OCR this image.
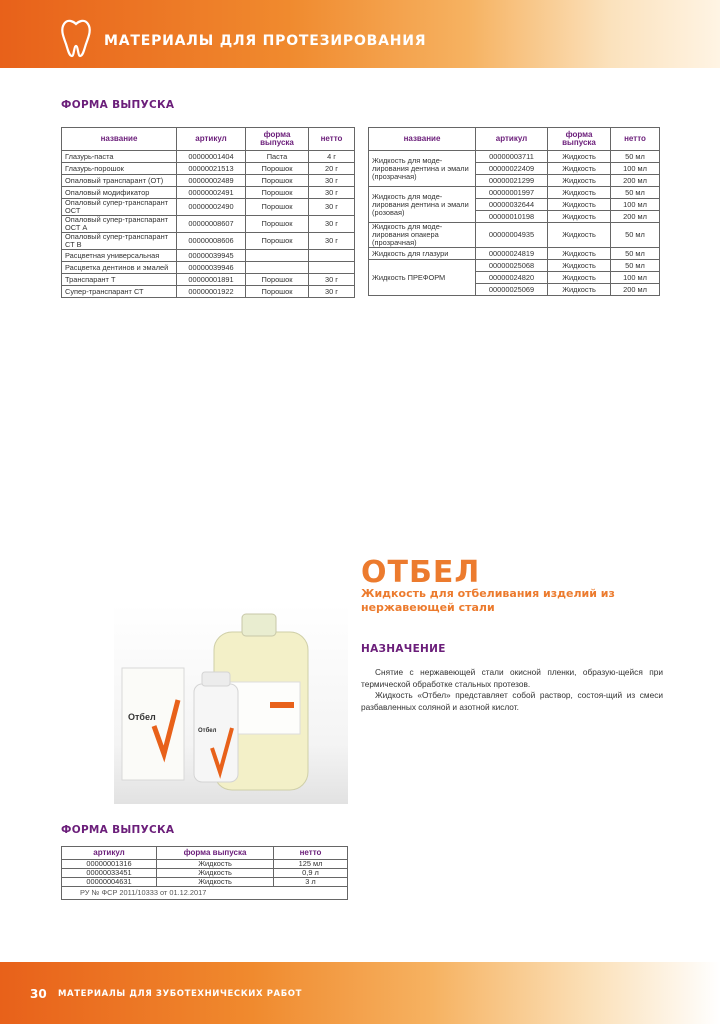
МАТЕРИАЛЫ ДЛЯ ПРОТЕЗИРОВАНИЯ
ФОРМА ВЫПУСКА
название	артикул	форма выпуска	нетто
Глазурь-паста	00000001404	Паста	4 г
Глазурь-порошок	00000021513	Порошок	20 г
Опаловый транспарант (ОТ)	00000002489	Порошок	30 г
Опаловый модификатор	00000002491	Порошок	30 г
Опаловый супер-транспарант ОСТ	00000002490	Порошок	30 г
Опаловый супер-транспарант ОСТ А	00000008607	Порошок	30 г
Опаловый супер-транспарант СТ В	00000008606	Порошок	30 г
Расцветная универсальная	00000039945		
Расцветка дентинов и эмалей	00000039946		
Транспарант Т	00000001891	Порошок	30 г
Супер-транспарант СТ	00000001922	Порошок	30 г
название	артикул	форма выпуска	нетто
Жидкость для моде-лирования дентина и эмали (прозрачная)	00000003711	Жидкость	50 мл
	00000022409	Жидкость	100 мл
	00000021299	Жидкость	200 мл
Жидкость для моде-лирования дентина и эмали (розовая)	00000001997	Жидкость	50 мл
	00000032644	Жидкость	100 мл
	00000010198	Жидкость	200 мл
Жидкость для моде-лирования опакера (прозрачная)	00000004935	Жидкость	50 мл
Жидкость для глазури	00000024819	Жидкость	50 мл
Жидкость ПРЕФОРМ	00000025068	Жидкость	50 мл
	00000024820	Жидкость	100 мл
	00000025069	Жидкость	200 мл
ОТБЕЛ
Жидкость для отбеливания изделий из нержавеющей стали
Отбел
Отбел
НАЗНАЧЕНИЕ

Снятие с нержавеющей стали окисной пленки, образую-щейся при термической обработке стальных протезов.

Жидкость «Отбел» представляет собой раствор, состоя-щий из смеси разбавленных соляной и азотной кислот.

ФОРМА ВЫПУСКА
артикул	форма выпуска	нетто
00000001316	Жидкость	125 мл
00000033451	Жидкость	0,9 л
00000004631	Жидкость	3 л
РУ № ФСР 2011/10333 от 01.12.2017		
30 МАТЕРИАЛЫ ДЛЯ ЗУБОТЕХНИЧЕСКИХ РАБОТ
